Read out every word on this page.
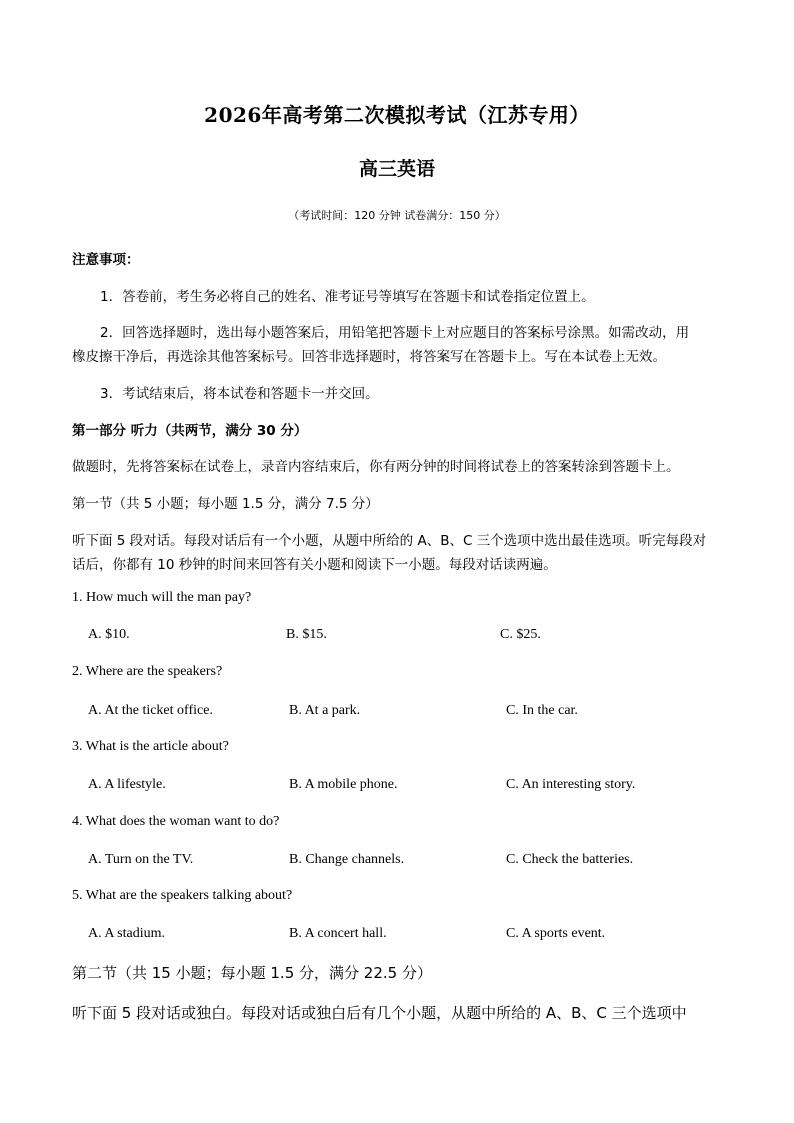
2026年高考第二次模拟考试（江苏专用）
高三英语
（考试时间：120 分钟 试卷满分：150 分）
注意事项：
1．答卷前，考生务必将自己的姓名、准考证号等填写在答题卡和试卷指定位置上。
2．回答选择题时，选出每小题答案后，用铅笔把答题卡上对应题目的答案标号涂黑。如需改动，用
橡皮擦干净后，再选涂其他答案标号。回答非选择题时，将答案写在答题卡上。写在本试卷上无效。
3．考试结束后，将本试卷和答题卡一并交回。
第一部分 听力（共两节，满分 30 分）
做题时，先将答案标在试卷上，录音内容结束后，你有两分钟的时间将试卷上的答案转涂到答题卡上。
第一节（共 5 小题；每小题 1.5 分，满分 7.5 分）
听下面 5 段对话。每段对话后有一个小题，从题中所给的 A、B、C 三个选项中选出最佳选项。听完每段对
话后，你都有 10 秒钟的时间来回答有关小题和阅读下一小题。每段对话读两遍。
1. How much will the man pay?
A. $10.	B. $15.	C. $25.
2. Where are the speakers?
A. At the ticket office.	B. At a park.	C. In the car.
3. What is the article about?
A. A lifestyle.	B. A mobile phone.	C. An interesting story.
4. What does the woman want to do?
A. Turn on the TV.	B. Change channels.	C. Check the batteries.
5. What are the speakers talking about?
A. A stadium.	B. A concert hall.	C. A sports event.
第二节（共 15 小题；每小题 1.5 分，满分 22.5 分）
听下面 5 段对话或独白。每段对话或独白后有几个小题，从题中所给的 A、B、C 三个选项中
